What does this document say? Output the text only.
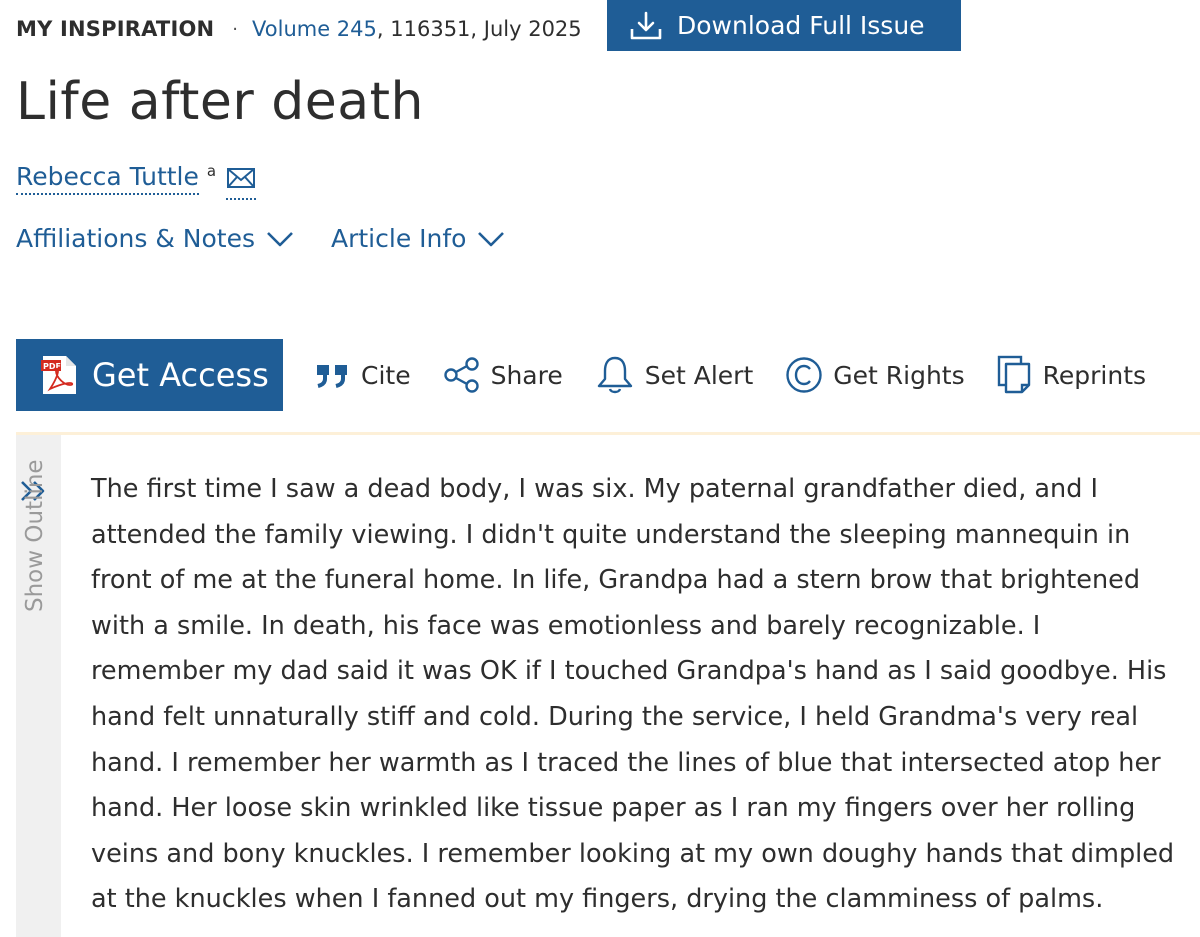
MY INSPIRATION · Volume 245 , 116351, July 2025	Download Full Issue
Life after death
Rebecca Tuttle $^a$
Affiliations & Notes	Article Info
PDF Get Access	Cite	Share	Set Alert	Get Rights	Reprints
Show Outline The first time I saw a dead body, I was six. My paternal grandfather died, and I attended the family viewing. I didn't quite understand the sleeping mannequin in front of me at the funeral home. In life, Grandpa had a stern brow that brightened with a smile. In death, his face was emotionless and barely recognizable. I remember my dad said it was OK if I touched Grandpa's hand as I said goodbye. His hand felt unnaturally stiff and cold. During the service, I held Grandma's very real hand. I remember her warmth as I traced the lines of blue that intersected atop her hand. Her loose skin wrinkled like tissue paper as I ran my fingers over her rolling veins and bony knuckles. I remember looking at my own doughy hands that dimpled at the knuckles when I fanned out my fingers, drying the clamminess of palms.
